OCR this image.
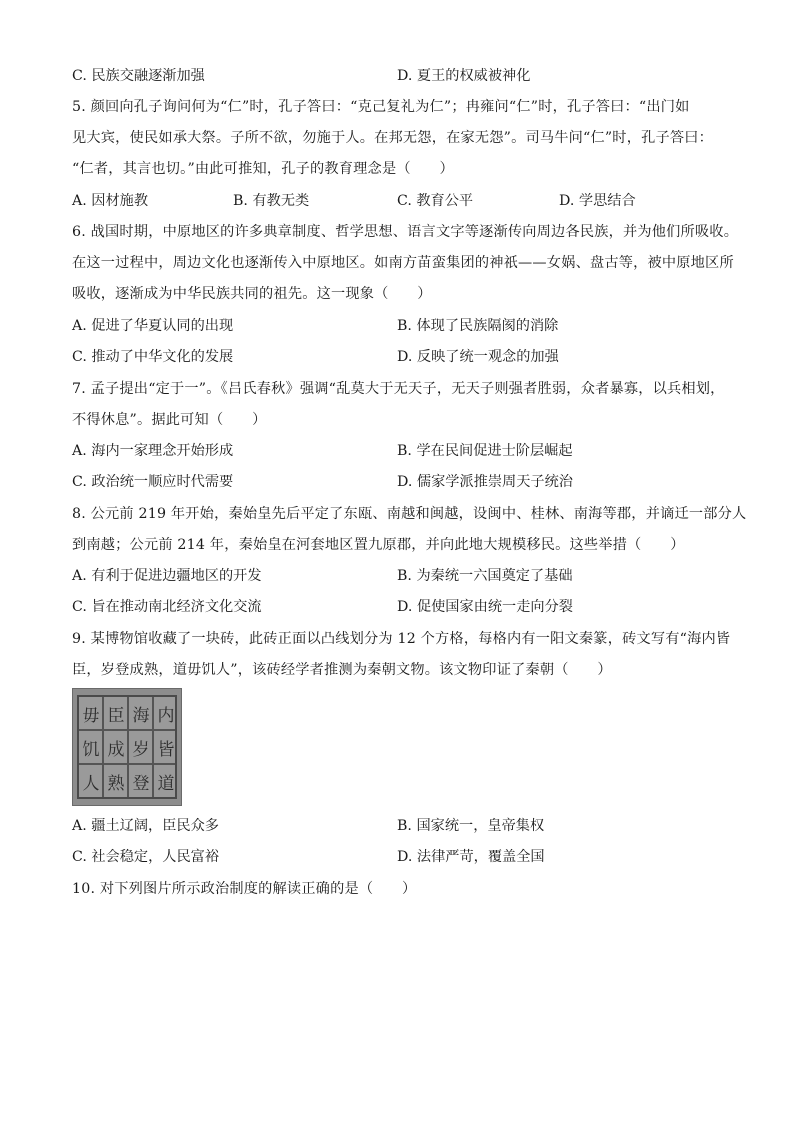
C. 民族交融逐渐加强	D. 夏王的权威被神化
5. 颜回向孔子询问何为“仁”时，孔子答曰：“克己复礼为仁”；冉雍问“仁”时，孔子答曰：“出门如
见大宾，使民如承大祭。子所不欲，勿施于人。在邦无怨，在家无怨”。司马牛问“仁”时，孔子答曰：
“仁者，其言也切。”由此可推知，孔子的教育理念是（　　）
A. 因材施教	B. 有教无类	C. 教育公平	D. 学思结合
6. 战国时期，中原地区的许多典章制度、哲学思想、语言文字等逐渐传向周边各民族，并为他们所吸收。
在这一过程中，周边文化也逐渐传入中原地区。如南方苗蛮集团的神祇——女娲、盘古等，被中原地区所
吸收，逐渐成为中华民族共同的祖先。这一现象（　　）
A. 促进了华夏认同的出现	B. 体现了民族隔阂的消除
C. 推动了中华文化的发展	D. 反映了统一观念的加强
7. 孟子提出“定于一”。《吕氏春秋》强调“乱莫大于无天子，无天子则强者胜弱，众者暴寡，以兵相划，
不得休息”。据此可知（　　）
A. 海内一家理念开始形成	B. 学在民间促进士阶层崛起
C. 政治统一顺应时代需要	D. 儒家学派推崇周天子统治
8. 公元前 219 年开始，秦始皇先后平定了东瓯、南越和闽越，设闽中、桂林、南海等郡，并谪迁一部分人
到南越；公元前 214 年，秦始皇在河套地区置九原郡，并向此地大规模移民。这些举措（　　）
A. 有利于促进边疆地区的开发	B. 为秦统一六国奠定了基础
C. 旨在推动南北经济文化交流	D. 促使国家由统一走向分裂
9. 某博物馆收藏了一块砖，此砖正面以凸线划分为 12 个方格，每格内有一阳文秦篆，砖文写有“海内皆
臣，岁登成熟，道毋饥人”，该砖经学者推测为秦朝文物。该文物印证了秦朝（　　）
毋 臣 海 内
饥 成 岁 皆
人 熟 登 道
A. 疆土辽阔，臣民众多	B. 国家统一，皇帝集权
C. 社会稳定，人民富裕	D. 法律严苛，覆盖全国
10. 对下列图片所示政治制度的解读正确的是（　　）
